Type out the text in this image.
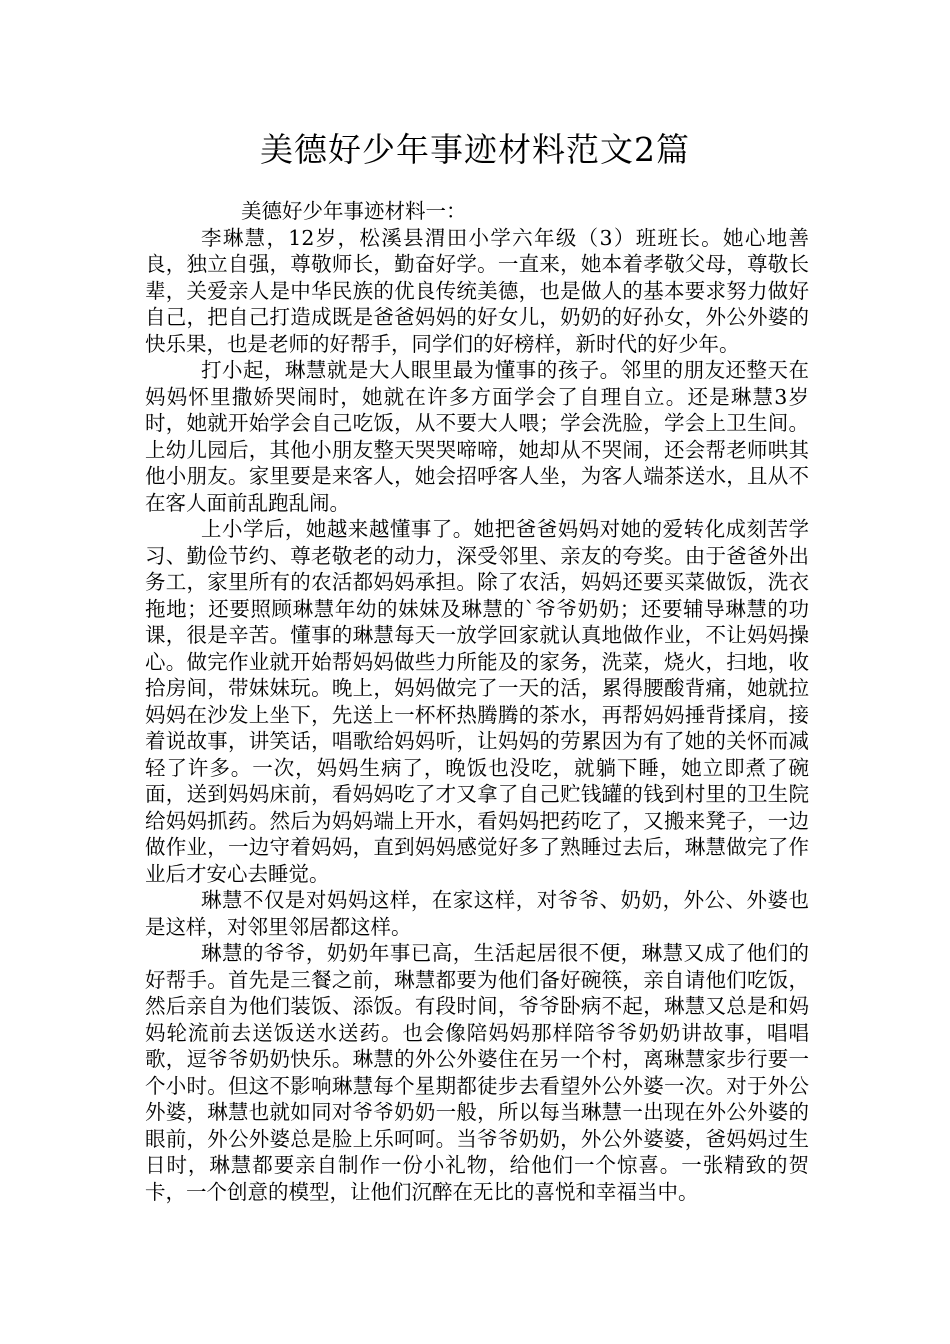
美德好少年事迹材料范文2篇

美德好少年事迹材料一：

李琳慧，12岁，松溪县渭田小学六年级（3）班班长。她心地善良，独立自强，尊敬师长，勤奋好学。一直来，她本着孝敬父母，尊敬长辈，关爱亲人是中华民族的优良传统美德，也是做人的基本要求努力做好自己，把自己打造成既是爸爸妈妈的好女儿，奶奶的好孙女，外公外婆的快乐果，也是老师的好帮手，同学们的好榜样，新时代的好少年。

打小起，琳慧就是大人眼里最为懂事的孩子。邻里的朋友还整天在妈妈怀里撒娇哭闹时，她就在许多方面学会了自理自立。还是琳慧3岁时，她就开始学会自己吃饭，从不要大人喂；学会洗脸，学会上卫生间。上幼儿园后，其他小朋友整天哭哭啼啼，她却从不哭闹，还会帮老师哄其他小朋友。家里要是来客人，她会招呼客人坐，为客人端茶送水，且从不在客人面前乱跑乱闹。

上小学后，她越来越懂事了。她把爸爸妈妈对她的爱转化成刻苦学习、勤俭节约、尊老敬老的动力，深受邻里、亲友的夸奖。由于爸爸外出务工，家里所有的农活都妈妈承担。除了农活，妈妈还要买菜做饭，洗衣拖地；还要照顾琳慧年幼的妹妹及琳慧的`爷爷奶奶；还要辅导琳慧的功课，很是辛苦。懂事的琳慧每天一放学回家就认真地做作业，不让妈妈操心。做完作业就开始帮妈妈做些力所能及的家务，洗菜，烧火，扫地，收拾房间，带妹妹玩。晚上，妈妈做完了一天的活，累得腰酸背痛，她就拉妈妈在沙发上坐下，先送上一杯杯热腾腾的茶水，再帮妈妈捶背揉肩，接着说故事，讲笑话，唱歌给妈妈听，让妈妈的劳累因为有了她的关怀而减轻了许多。一次，妈妈生病了，晚饭也没吃，就躺下睡，她立即煮了碗面，送到妈妈床前，看妈妈吃了才又拿了自己贮钱罐的钱到村里的卫生院给妈妈抓药。然后为妈妈端上开水，看妈妈把药吃了，又搬来凳子，一边做作业，一边守着妈妈，直到妈妈感觉好多了熟睡过去后，琳慧做完了作业后才安心去睡觉。

琳慧不仅是对妈妈这样，在家这样，对爷爷、奶奶，外公、外婆也是这样，对邻里邻居都这样。

琳慧的爷爷，奶奶年事已高，生活起居很不便，琳慧又成了他们的好帮手。首先是三餐之前，琳慧都要为他们备好碗筷，亲自请他们吃饭，然后亲自为他们装饭、添饭。有段时间，爷爷卧病不起，琳慧又总是和妈妈轮流前去送饭送水送药。也会像陪妈妈那样陪爷爷奶奶讲故事，唱唱歌，逗爷爷奶奶快乐。琳慧的外公外婆住在另一个村，离琳慧家步行要一个小时。但这不影响琳慧每个星期都徒步去看望外公外婆一次。对于外公外婆，琳慧也就如同对爷爷奶奶一般，所以每当琳慧一出现在外公外婆的眼前，外公外婆总是脸上乐呵呵。当爷爷奶奶，外公外婆婆，爸妈妈过生日时，琳慧都要亲自制作一份小礼物，给他们一个惊喜。一张精致的贺卡，一个创意的模型，让他们沉醉在无比的喜悦和幸福当中。
